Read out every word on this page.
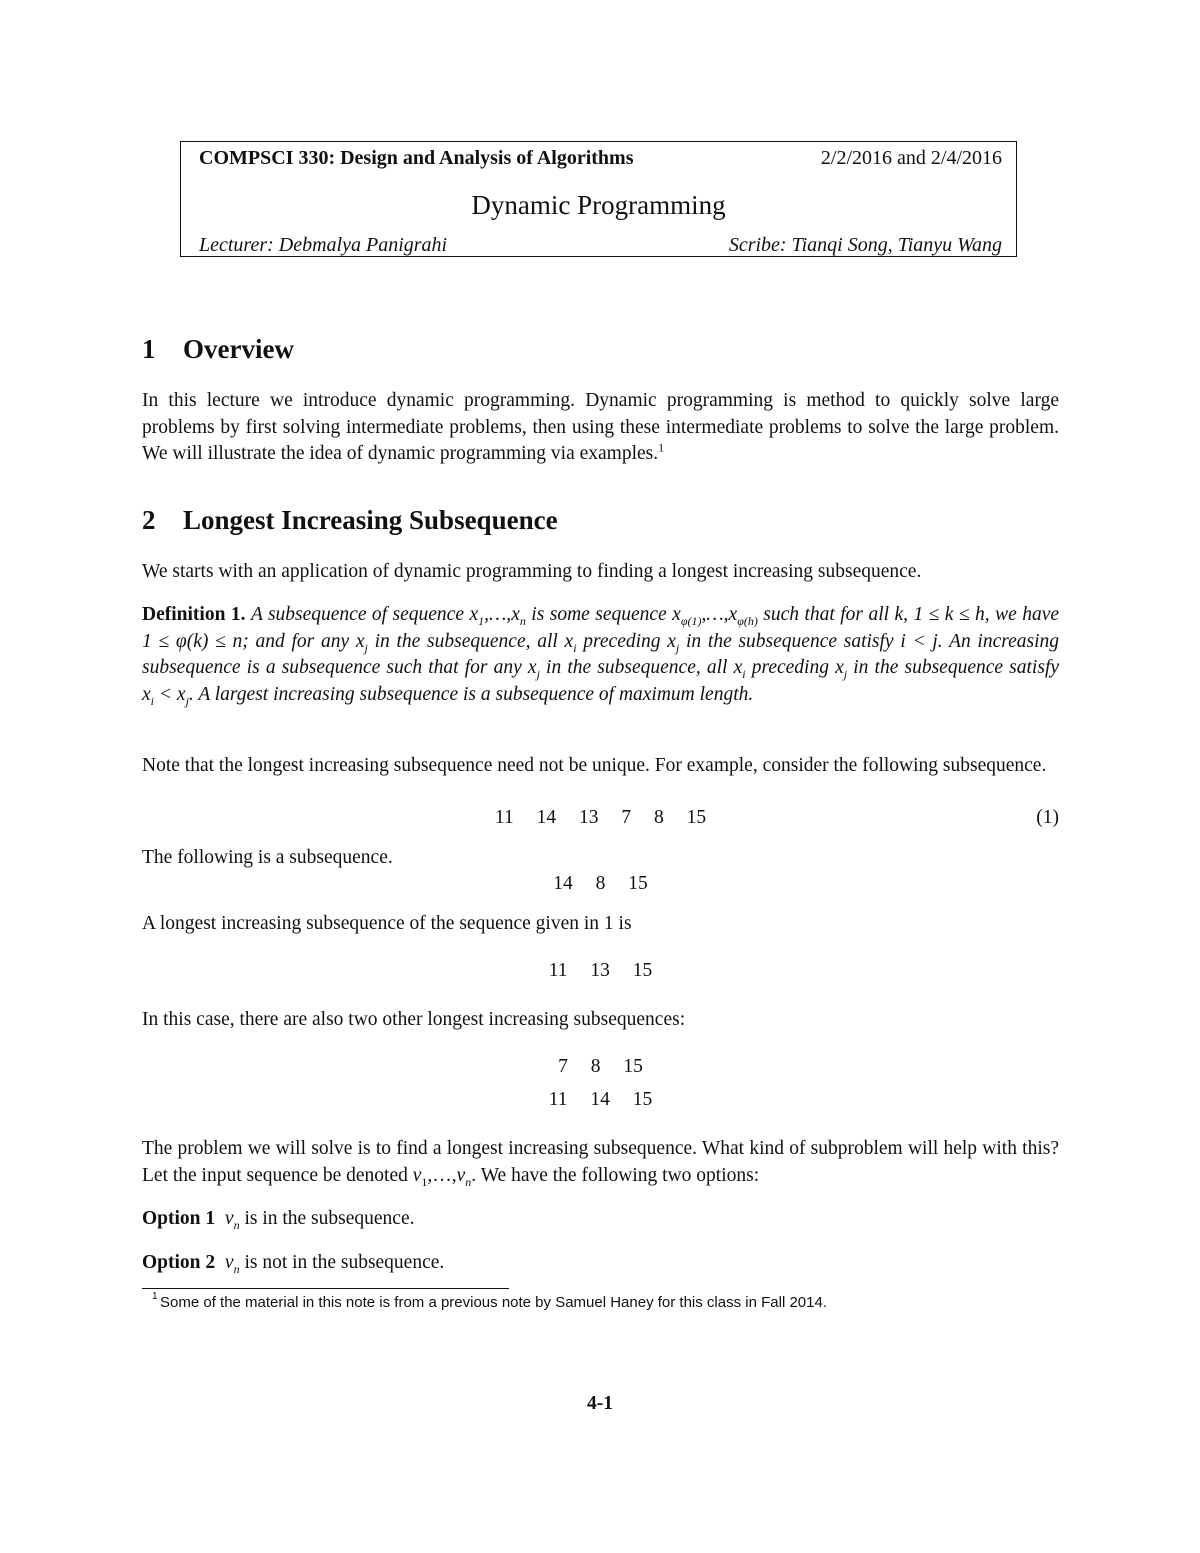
COMPSCI 330: Design and Analysis of Algorithms	2/2/2016 and 2/4/2016
Dynamic Programming
Lecturer: Debmalya Panigrahi	Scribe: Tianqi Song, Tianyu Wang
1 Overview
In this lecture we introduce dynamic programming. Dynamic programming is method to quickly solve large problems by first solving intermediate problems, then using these intermediate problems to solve the large problem. We will illustrate the idea of dynamic programming via examples.$^1$
2 Longest Increasing Subsequence
We starts with an application of dynamic programming to finding a longest increasing subsequence.
Definition 1. A subsequence of sequence $x_1,\dots,x_n$ is some sequence $x_{\varphi(1)},\dots,x_{\varphi(h)}$ such that for all k, 1 ≤ k ≤ h, we have 1 ≤ φ(k) ≤ n; and for any $x_j$ in the subsequence, all $x_i$ preceding $x_j$ in the subsequence satisfy i < j. An increasing subsequence is a subsequence such that for any $x_j$ in the subsequence, all $x_i$ preceding $x_j$ in the subsequence satisfy $x_i < x_j$. A largest increasing subsequence is a subsequence of maximum length.
Note that the longest increasing subsequence need not be unique. For example, consider the following subsequence.
11 14 13 7 8 15	(1)
The following is a subsequence.
14 8 15
A longest increasing subsequence of the sequence given in 1 is
11 13 15
In this case, there are also two other longest increasing subsequences:
7 8 15
11 14 15
The problem we will solve is to find a longest increasing subsequence. What kind of subproblem will help with this? Let the input sequence be denoted $v_1,\dots,v_n$. We have the following two options:
Option 1 $v_n$ is in the subsequence.
Option 2 $v_n$ is not in the subsequence.
1 Some of the material in this note is from a previous note by Samuel Haney for this class in Fall 2014.
4-1
